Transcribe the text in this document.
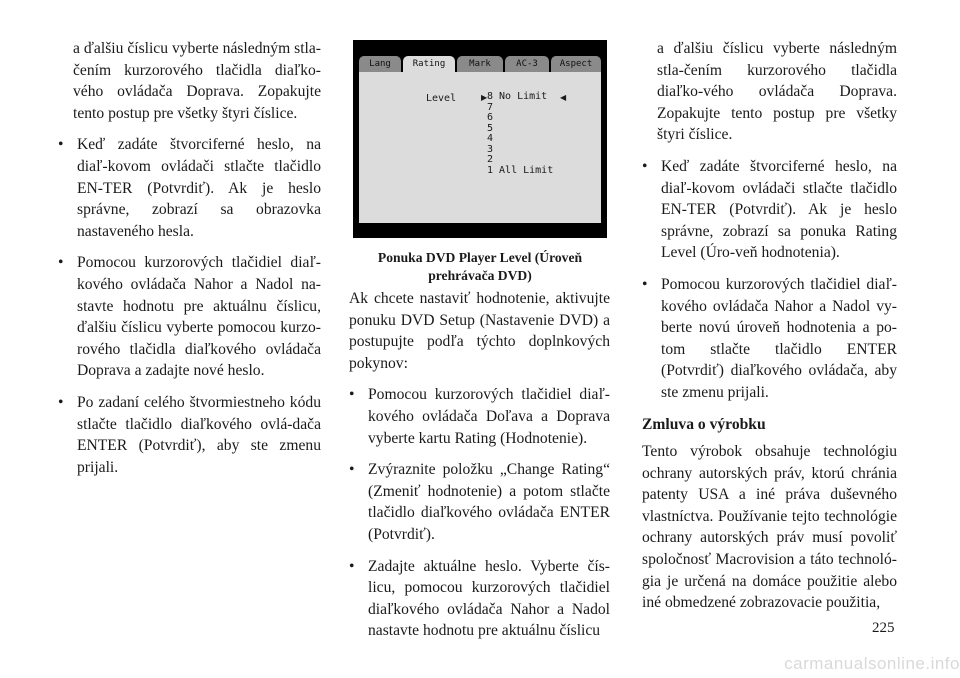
a ďalšiu číslicu vyberte následným stla-čením kurzorového tlačidla diaľko-vého ovládača Doprava. Zopakujte tento postup pre všetky štyri číslice.

• Keď zadáte štvorciferné heslo, na diaľ-kovom ovládači stlačte tlačidlo EN-TER (Potvrdiť). Ak je heslo správne, zobrazí sa obrazovka nastaveného hesla.
• Pomocou kurzorových tlačidiel diaľ-kového ovládača Nahor a Nadol na-stavte hodnotu pre aktuálnu číslicu, ďalšiu číslicu vyberte pomocou kurzo-rového tlačidla diaľkového ovládača Doprava a zadajte nové heslo.
• Po zadaní celého štvormiestneho kódu stlačte tlačidlo diaľkového ovlá-dača ENTER (Potvrdiť), aby ste zmenu prijali.
Lang	Rating	Mark	AC-3	Aspect
Level	▶ 8 No Limit
7
6
5
4
3
2
1 All Limit
◀
Ponuka DVD Player Level (Úroveň prehrávača DVD)

Ak chcete nastaviť hodnotenie, aktivujte ponuku DVD Setup (Nastavenie DVD) a postupujte podľa týchto doplnkových pokynov:

• Pomocou kurzorových tlačidiel diaľ-kového ovládača Doľava a Doprava vyberte kartu Rating (Hodnotenie).
• Zvýraznite položku „Change Rating“ (Zmeniť hodnotenie) a potom stlačte tlačidlo diaľkového ovládača ENTER (Potvrdiť).
• Zadajte aktuálne heslo. Vyberte čís-licu, pomocou kurzorových tlačidiel diaľkového ovládača Nahor a Nadol nastavte hodnotu pre aktuálnu číslicu

a ďalšiu číslicu vyberte následným stla-čením kurzorového tlačidla diaľko-vého ovládača Doprava. Zopakujte tento postup pre všetky štyri číslice.

• Keď zadáte štvorciferné heslo, na diaľ-kovom ovládači stlačte tlačidlo EN-TER (Potvrdiť). Ak je heslo správne, zobrazí sa ponuka Rating Level (Úro-veň hodnotenia).
• Pomocou kurzorových tlačidiel diaľ-kového ovládača Nahor a Nadol vy-berte novú úroveň hodnotenia a po-tom stlačte tlačidlo ENTER (Potvrdiť) diaľkového ovládača, aby ste zmenu prijali.
Zmluva o výrobku

Tento výrobok obsahuje technológiu ochrany autorských práv, ktorú chránia patenty USA a iné práva duševného vlastníctva. Používanie tejto technológie ochrany autorských práv musí povoliť spoločnosť Macrovision a táto technoló-gia je určená na domáce použitie alebo iné obmedzené zobrazovacie použitia,

225
carmanualsonline.info
